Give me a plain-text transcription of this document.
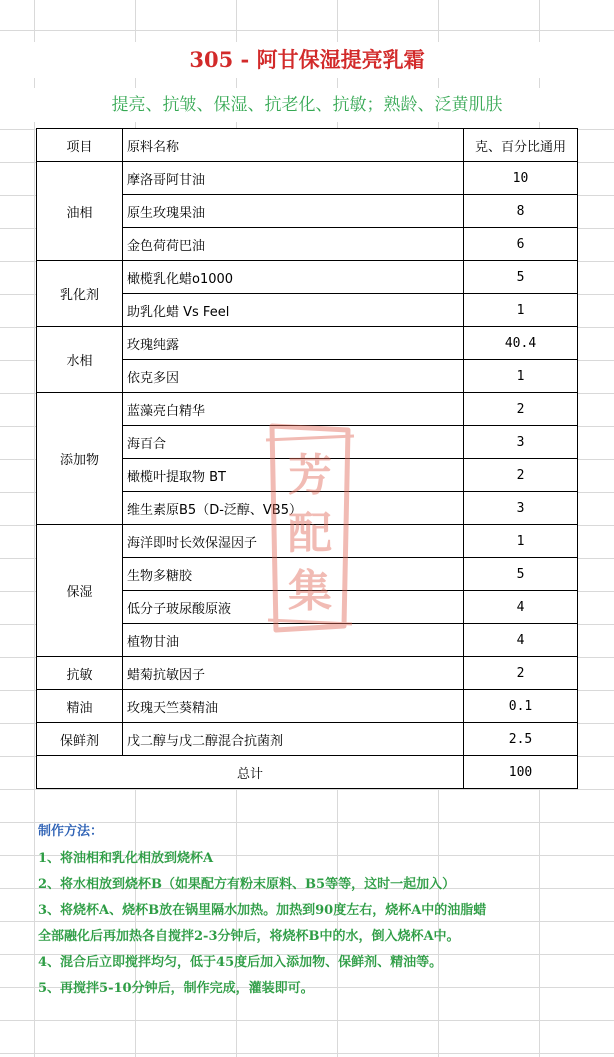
305 - 阿甘保湿提亮乳霜
提亮、抗皱、保湿、抗老化、抗敏；熟龄、泛黄肌肤
项目	原料名称	克、百分比通用
油相	摩洛哥阿甘油	10
	原生玫瑰果油	8
	金色荷荷巴油	6
乳化剂	橄榄乳化蜡o1000	5
	助乳化蜡 Vs Feel	1
水相	玫瑰纯露	40.4
	依克多因	1
添加物	蓝藻亮白精华	2
	海百合	3
	橄榄叶提取物 BT	2
	维生素原B5（D-泛醇、VB5）	3
保湿	海洋即时长效保湿因子	1
	生物多糖胶	5
	低分子玻尿酸原液	4
	植物甘油	4
抗敏	蜡菊抗敏因子	2
精油	玫瑰天竺葵精油	0.1
保鲜剂	戊二醇与戊二醇混合抗菌剂	2.5
总计		100
芳
配
集
制作方法：
1、将油相和乳化相放到烧杯A
2、将水相放到烧杯B（如果配方有粉末原料、B5等等，这时一起加入）
3、将烧杯A、烧杯B放在锅里隔水加热。加热到90度左右，烧杯A中的油脂蜡
全部融化后再加热各自搅拌2-3分钟后，将烧杯B中的水，倒入烧杯A中。
4、混合后立即搅拌均匀，低于45度后加入添加物、保鲜剂、精油等。
5、再搅拌5-10分钟后，制作完成，灌装即可。
